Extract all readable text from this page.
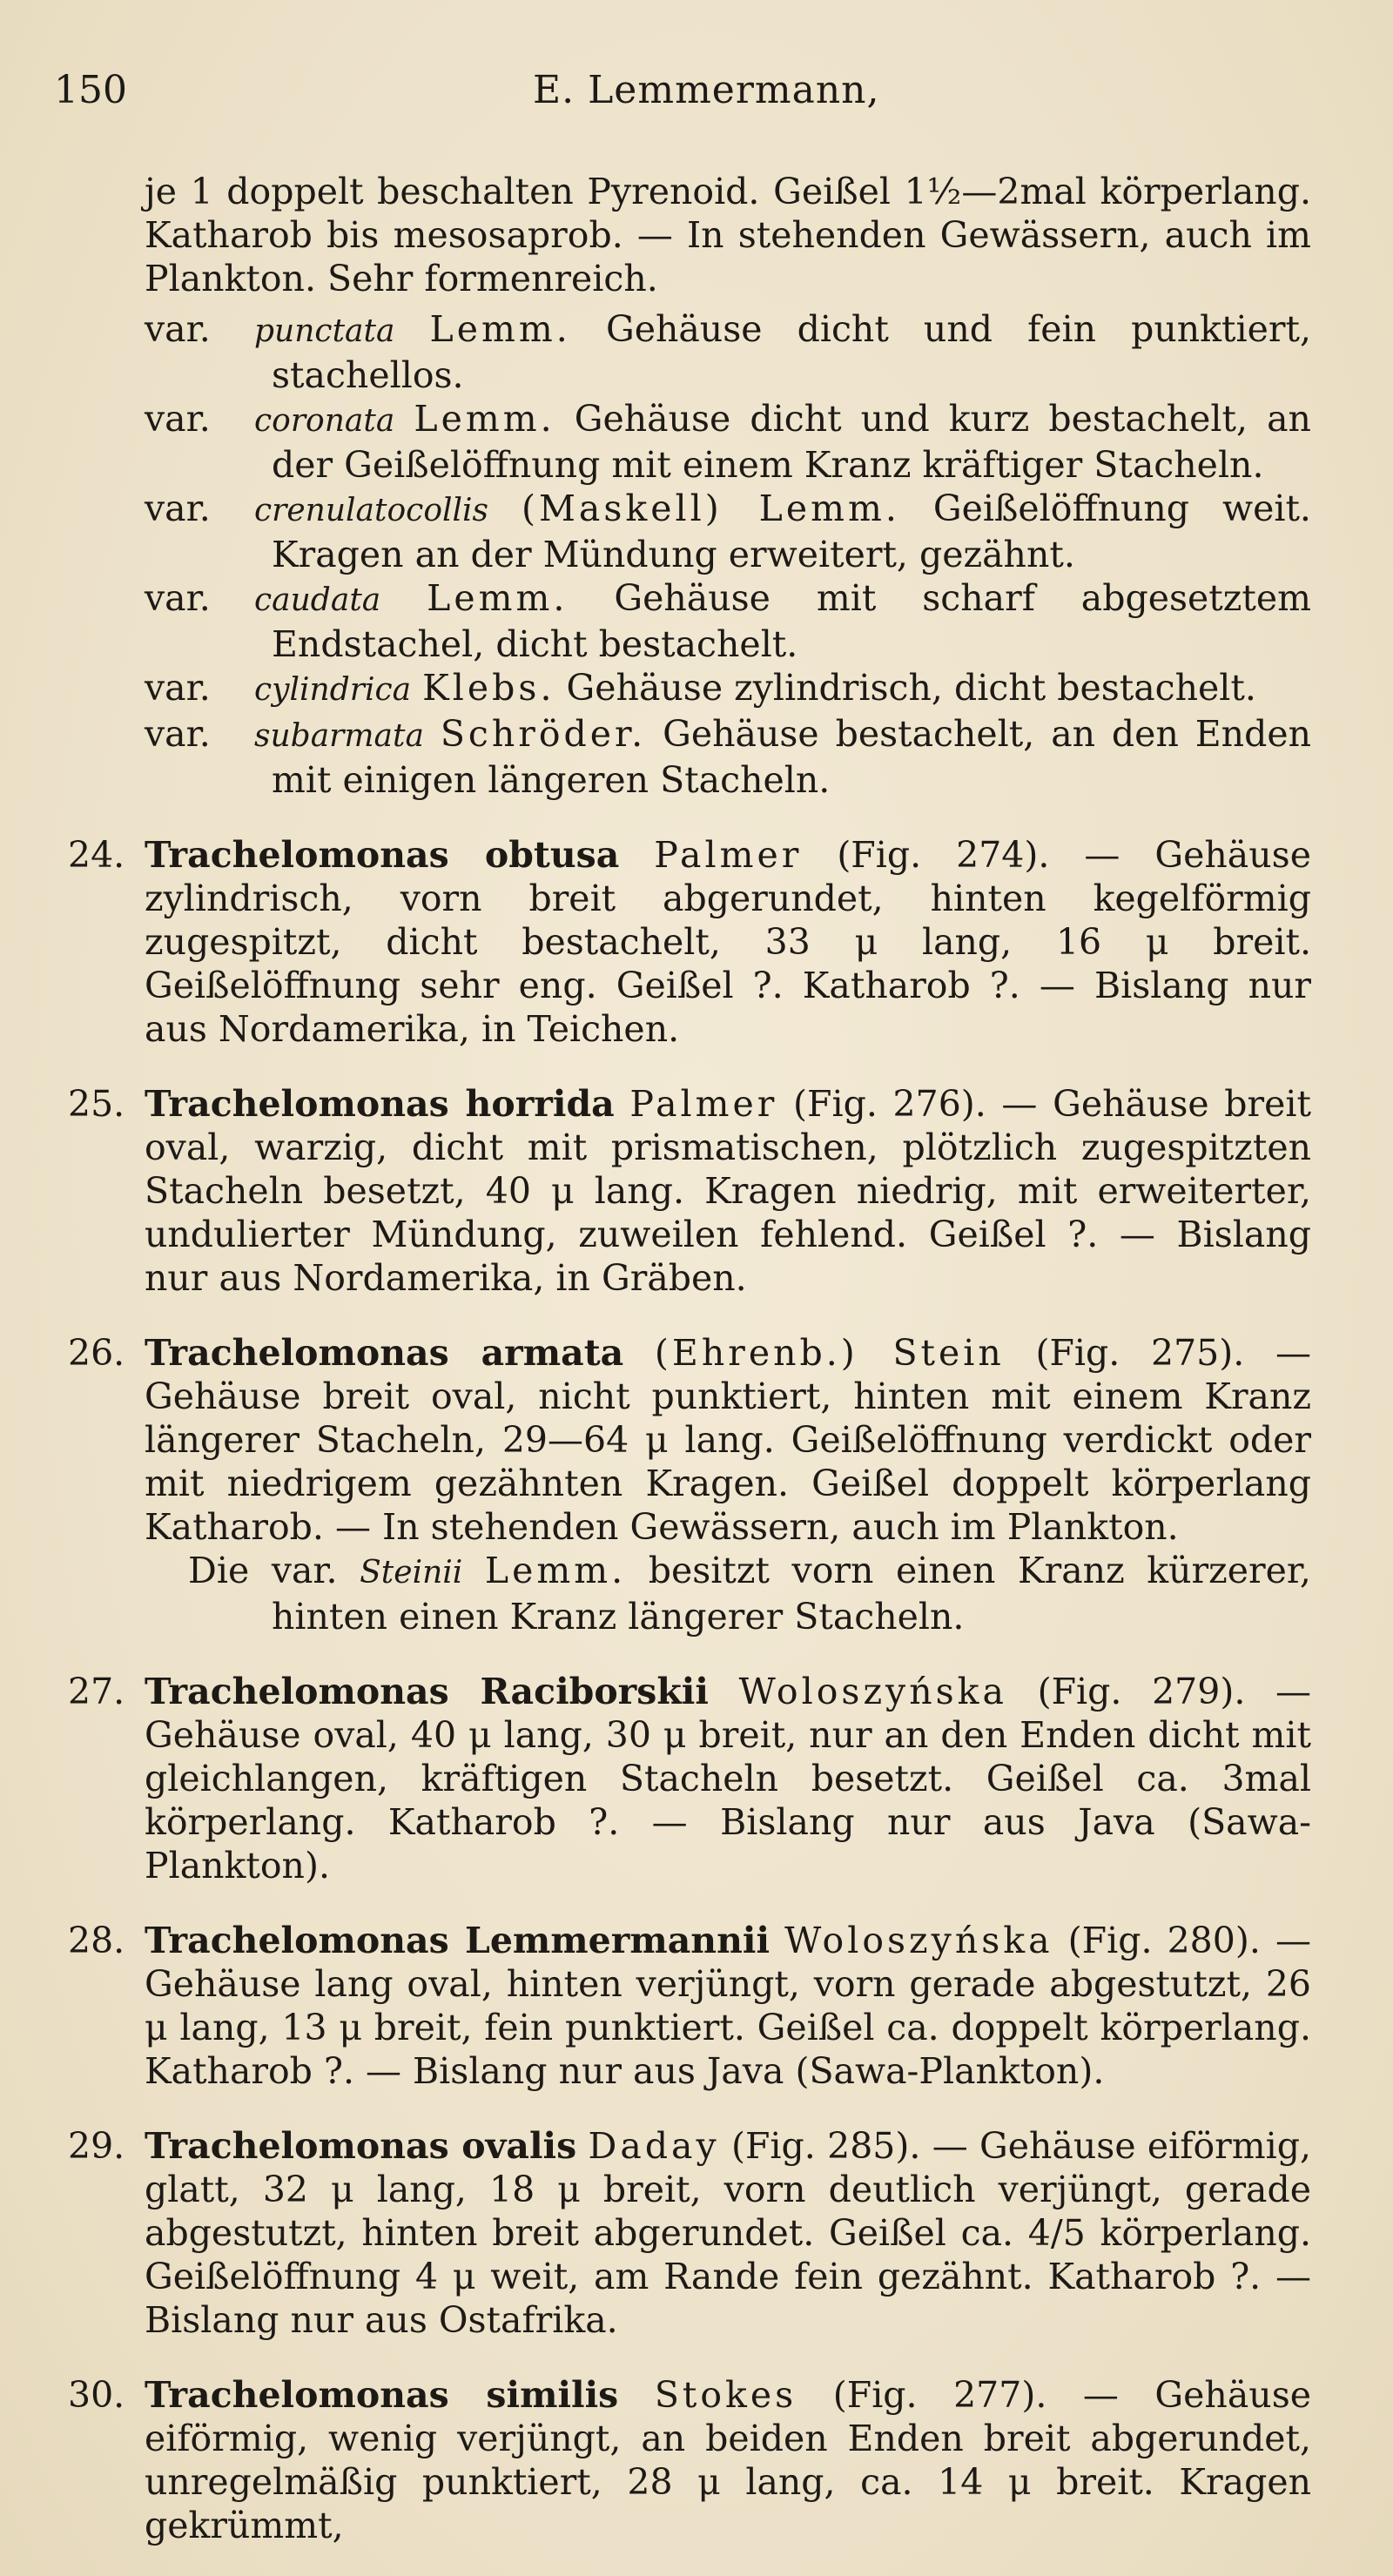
150	E. Lemmermann,

je 1 doppelt beschalten Pyrenoid. Geißel 1½—2mal körperlang. Katharob bis mesosaprob. — In stehenden Gewässern, auch im Plankton. Sehr formenreich.

var. punctata Lemm. Gehäuse dicht und fein punktiert, stachellos.

var. coronata Lemm. Gehäuse dicht und kurz bestachelt, an der Geißelöffnung mit einem Kranz kräftiger Stacheln.

var. crenulatocollis (Maskell) Lemm. Geißelöffnung weit. Kragen an der Mündung erweitert, gezähnt.

var. caudata Lemm. Gehäuse mit scharf abgesetztem Endstachel, dicht bestachelt.

var. cylindrica Klebs. Gehäuse zylindrisch, dicht bestachelt.

var. subarmata Schröder. Gehäuse bestachelt, an den Enden mit einigen längeren Stacheln.

24. Trachelomonas obtusa Palmer (Fig. 274). — Gehäuse zylindrisch, vorn breit abgerundet, hinten kegelförmig zugespitzt, dicht bestachelt, 33 μ lang, 16 μ breit. Geißelöffnung sehr eng. Geißel ?. Katharob ?. — Bislang nur aus Nordamerika, in Teichen.

25. Trachelomonas horrida Palmer (Fig. 276). — Gehäuse breit oval, warzig, dicht mit prismatischen, plötzlich zugespitzten Stacheln besetzt, 40 μ lang. Kragen niedrig, mit erweiterter, undulierter Mündung, zuweilen fehlend. Geißel ?. — Bislang nur aus Nordamerika, in Gräben.

26. Trachelomonas armata (Ehrenb.) Stein (Fig. 275). — Gehäuse breit oval, nicht punktiert, hinten mit einem Kranz längerer Stacheln, 29—64 μ lang. Geißelöffnung verdickt oder mit niedrigem gezähnten Kragen. Geißel doppelt körperlang Katharob. — In stehenden Gewässern, auch im Plankton.

Die var. Steinii Lemm. besitzt vorn einen Kranz kürzerer, hinten einen Kranz längerer Stacheln.

27. Trachelomonas Raciborskii Woloszyńska (Fig. 279). — Gehäuse oval, 40 μ lang, 30 μ breit, nur an den Enden dicht mit gleichlangen, kräftigen Stacheln besetzt. Geißel ca. 3mal körperlang. Katharob ?. — Bislang nur aus Java (Sawa-Plankton).

28. Trachelomonas Lemmermannii Woloszyńska (Fig. 280). — Gehäuse lang oval, hinten verjüngt, vorn gerade abgestutzt, 26 μ lang, 13 μ breit, fein punktiert. Geißel ca. doppelt körperlang. Katharob ?. — Bislang nur aus Java (Sawa-Plankton).

29. Trachelomonas ovalis Daday (Fig. 285). — Gehäuse eiförmig, glatt, 32 μ lang, 18 μ breit, vorn deutlich verjüngt, gerade abgestutzt, hinten breit abgerundet. Geißel ca. 4/5 körperlang. Geißelöffnung 4 μ weit, am Rande fein gezähnt. Katharob ?. — Bislang nur aus Ostafrika.

30. Trachelomonas similis Stokes (Fig. 277). — Gehäuse eiförmig, wenig verjüngt, an beiden Enden breit abgerundet, unregelmäßig punktiert, 28 μ lang, ca. 14 μ breit. Kragen gekrümmt,
